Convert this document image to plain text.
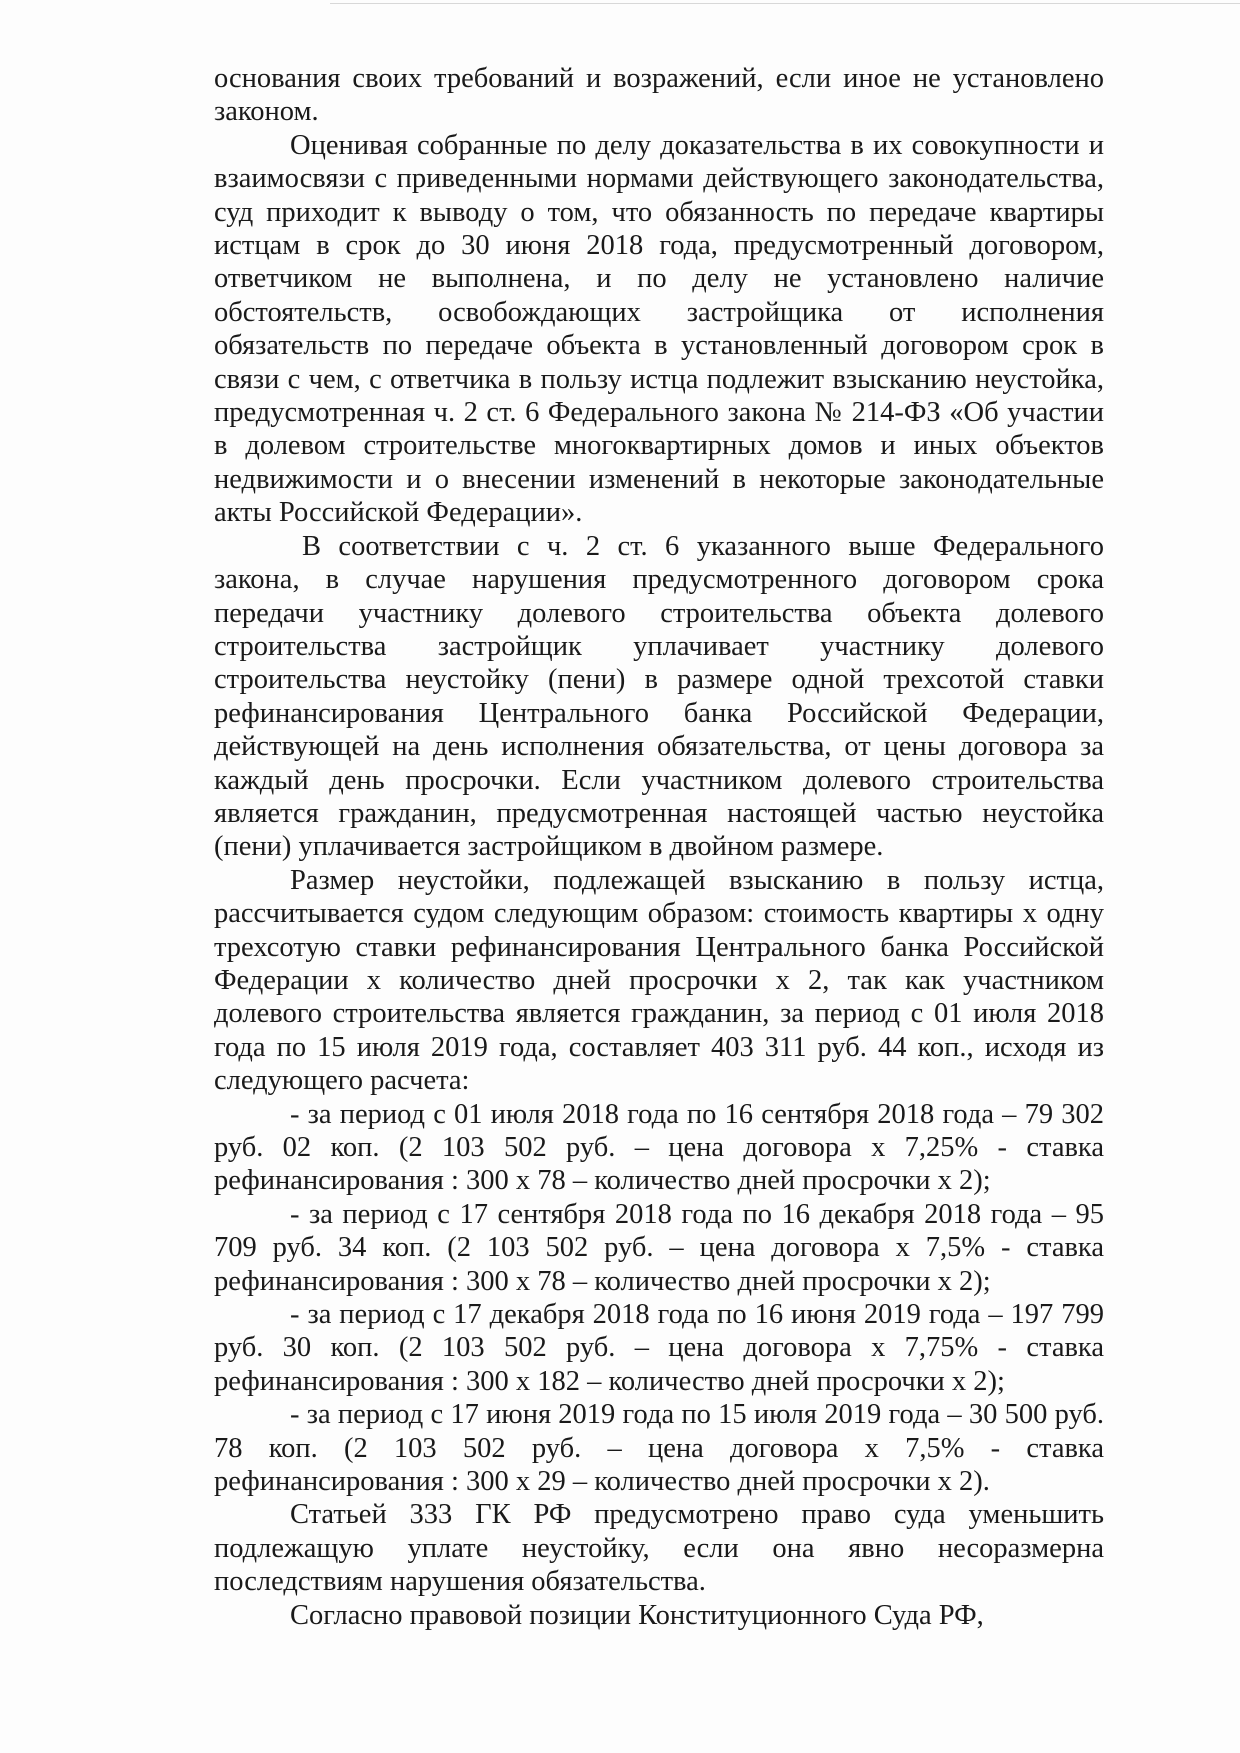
основания своих требований и возражений, если иное не установлено законом.

Оценивая собранные по делу доказательства в их совокупности и взаимосвязи с приведенными нормами действующего законодательства, суд приходит к выводу о том, что обязанность по передаче квартиры истцам в срок до 30 июня 2018 года, предусмотренный договором, ответчиком не выполнена, и по делу не установлено наличие обстоятельств, освобождающих застройщика от исполнения обязательств по передаче объекта в установленный договором срок в связи с чем, с ответчика в пользу истца подлежит взысканию неустойка, предусмотренная ч. 2 ст. 6 Федерального закона № 214-ФЗ «Об участии в долевом строительстве многоквартирных домов и иных объектов недвижимости и о внесении изменений в некоторые законодательные акты Российской Федерации».

В соответствии с ч. 2 ст. 6 указанного выше Федерального закона, в случае нарушения предусмотренного договором срока передачи участнику долевого строительства объекта долевого строительства застройщик уплачивает участнику долевого строительства неустойку (пени) в размере одной трехсотой ставки рефинансирования Центрального банка Российской Федерации, действующей на день исполнения обязательства, от цены договора за каждый день просрочки. Если участником долевого строительства является гражданин, предусмотренная настоящей частью неустойка (пени) уплачивается застройщиком в двойном размере.

Размер неустойки, подлежащей взысканию в пользу истца, рассчитывается судом следующим образом: стоимость квартиры х одну трехсотую ставки рефинансирования Центрального банка Российской Федерации х количество дней просрочки х 2, так как участником долевого строительства является гражданин, за период с 01 июля 2018 года по 15 июля 2019 года, составляет 403 311 руб. 44 коп., исходя из следующего расчета:

- за период с 01 июля 2018 года по 16 сентября 2018 года – 79 302 руб. 02 коп. (2 103 502 руб. – цена договора х 7,25% - ставка рефинансирования : 300 х 78 – количество дней просрочки х 2);

- за период с 17 сентября 2018 года по 16 декабря 2018 года – 95 709 руб. 34 коп. (2 103 502 руб. – цена договора х 7,5% - ставка рефинансирования : 300 х 78 – количество дней просрочки х 2);

- за период с 17 декабря 2018 года по 16 июня 2019 года – 197 799 руб. 30 коп. (2 103 502 руб. – цена договора х 7,75% - ставка рефинансирования : 300 х 182 – количество дней просрочки х 2);

- за период с 17 июня 2019 года по 15 июля 2019 года – 30 500 руб. 78 коп. (2 103 502 руб. – цена договора х 7,5% - ставка рефинансирования : 300 х 29 – количество дней просрочки х 2).

Статьей 333 ГК РФ предусмотрено право суда уменьшить подлежащую уплате неустойку, если она явно несоразмерна последствиям нарушения обязательства.

Согласно правовой позиции Конституционного Суда РФ,
